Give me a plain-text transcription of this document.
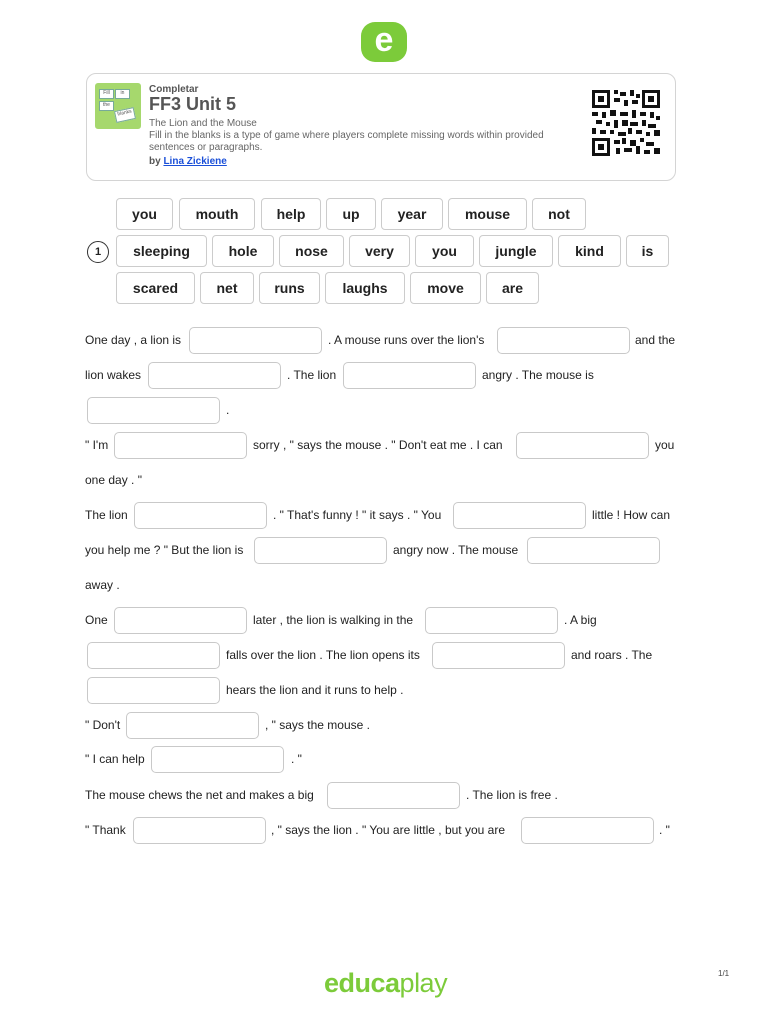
e
Fill	in
the
blanks
Completar
FF3 Unit 5
The Lion and the Mouse
Fill in the blanks is a type of game where players complete missing words within provided sentences or paragraphs.
by Lina Zickiene
1
you	mouth	help	up	year	mouse	not
sleeping	hole	nose	very	you	jungle	kind	is
scared	net	runs	laughs	move	are
One day , a lion is	. A mouse runs over the lion's	and the
lion wakes	. The lion	angry . The mouse is
.
" I'm	sorry , " says the mouse . " Don't eat me . I can	you
one day . "
The lion	. " That's funny ! " it says . " You	little ! How can
you help me ? " But the lion is	angry now . The mouse
away .
One	later , the lion is walking in the	. A big
falls over the lion . The lion opens its	and roars . The
hears the lion and it runs to help .
" Don't	, " says the mouse .
" I can help	. "
The mouse chews the net and makes a big	. The lion is free .
" Thank	, " says the lion . " You are little , but you are	. "
educaplay	1/1
